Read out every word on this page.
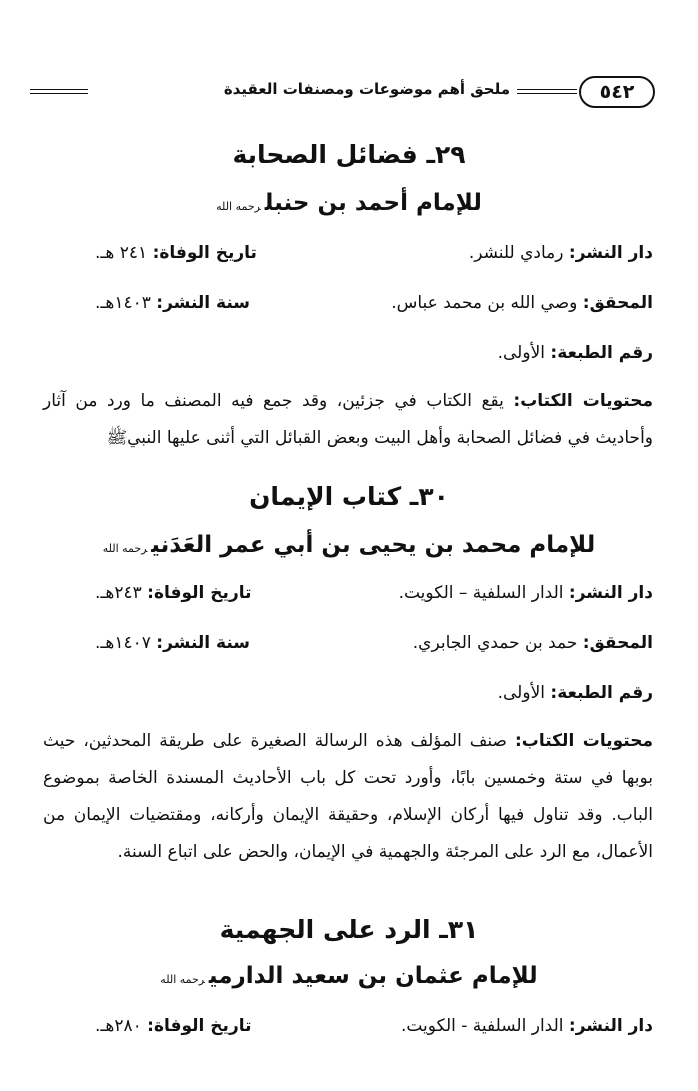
٥٤٢
ملحق أهم موضوعات ومصنفات العقيدة
٢٩ـ فضائل الصحابة
للإمام أحمد بن حنبلرحمه الله
دار النشر: رمادي للنشر.
تاريخ الوفاة: ٢٤١ هـ.
المحقق: وصي الله بن محمد عباس.
سنة النشر: ١٤٠٣هـ.
رقم الطبعة: الأولى.
محتويات الكتاب: يقع الكتاب في جزئين، وقد جمع فيه المصنف ما ورد من آثار وأحاديث في فضائل الصحابة وأهل البيت وبعض القبائل التي أثنى عليها النبيﷺ
٣٠ـ كتاب الإيمان
للإمام محمد بن يحيى بن أبي عمر العَدَنيرحمه الله
دار النشر: الدار السلفية – الكويت.
تاريخ الوفاة: ٢٤٣هـ.
المحقق: حمد بن حمدي الجابري.
سنة النشر: ١٤٠٧هـ.
رقم الطبعة: الأولى.
محتويات الكتاب: صنف المؤلف هذه الرسالة الصغيرة على طريقة المحدثين، حيث بوبها في ستة وخمسين بابًا، وأورد تحت كل باب الأحاديث المسندة الخاصة بموضوع الباب. وقد تناول فيها أركان الإسلام، وحقيقة الإيمان وأركانه، ومقتضيات الإيمان من الأعمال، مع الرد على المرجئة والجهمية في الإيمان، والحض على اتباع السنة.
٣١ـ الرد على الجهمية
للإمام عثمان بن سعيد الدارميرحمه الله
دار النشر: الدار السلفية - الكويت.
تاريخ الوفاة: ٢٨٠هـ.
